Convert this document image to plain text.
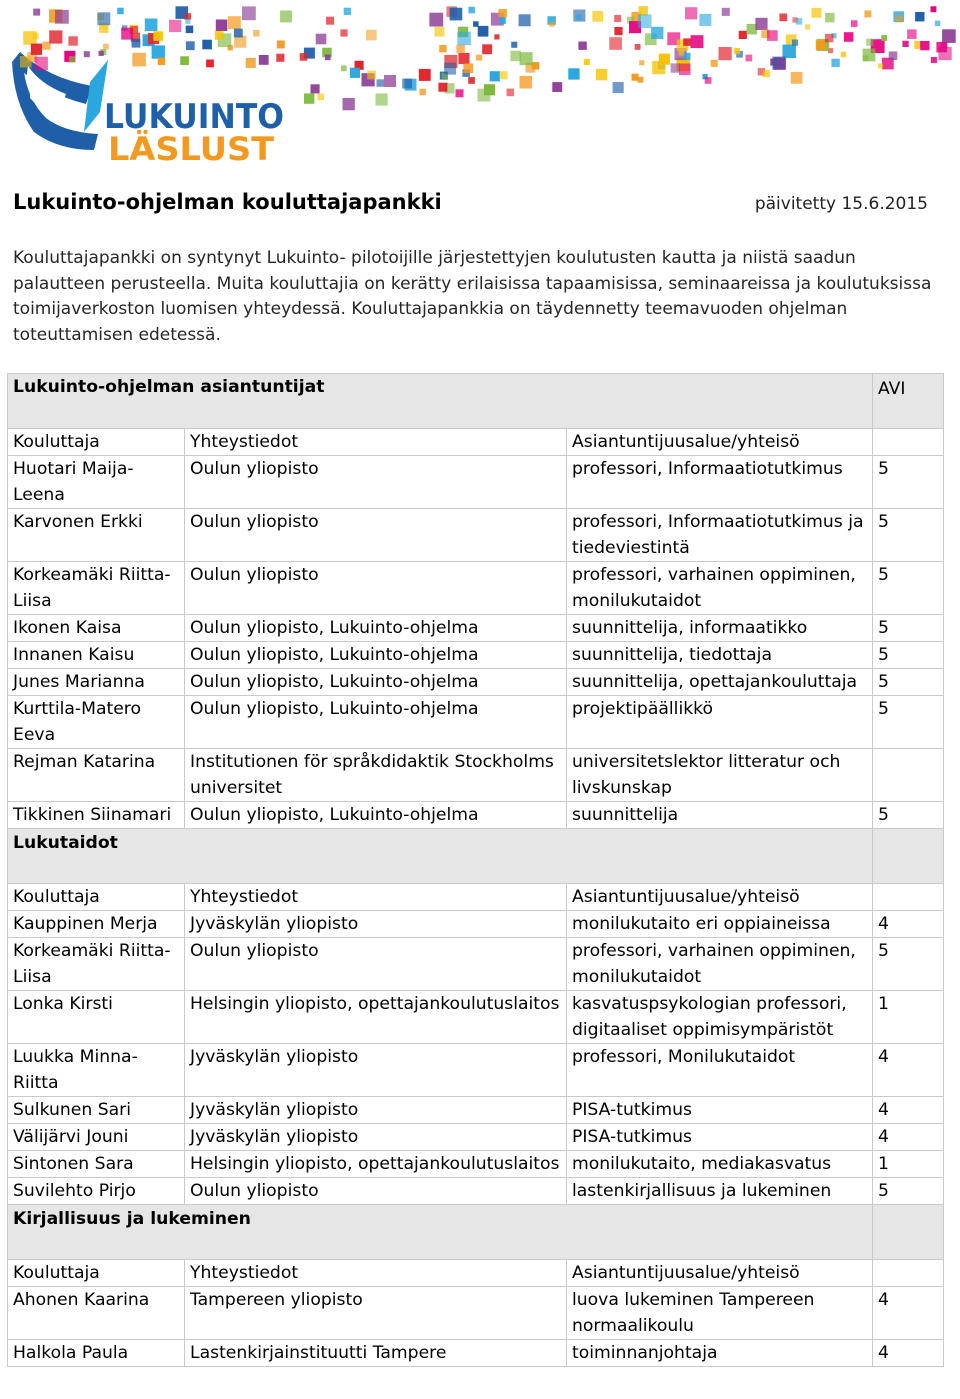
LUKUINTO
LÄSLUST
Lukuinto-ohjelman kouluttajapankki	päivitetty 15.6.2015
Kouluttajapankki on syntynyt Lukuinto- pilotoijille järjestettyjen koulutusten kautta ja niistä saadun palautteen perusteella. Muita kouluttajia on kerätty erilaisissa tapaamisissa, seminaareissa ja koulutuksissa toimijaverkoston luomisen yhteydessä. Kouluttajapankkia on täydennetty teemavuoden ohjelman toteuttamisen edetessä.
Lukuinto-ohjelman asiantuntijat			AVI
Kouluttaja	Yhteystiedot	Asiantuntijuusalue/yhteisö	
Huotari Maija-Leena	Oulun yliopisto	professori, Informaatiotutkimus	5
Karvonen Erkki	Oulun yliopisto	professori, Informaatiotutkimus ja tiedeviestintä	5
Korkeamäki Riitta-Liisa	Oulun yliopisto	professori, varhainen oppiminen, monilukutaidot	5
Ikonen Kaisa	Oulun yliopisto, Lukuinto-ohjelma	suunnittelija, informaatikko	5
Innanen Kaisu	Oulun yliopisto, Lukuinto-ohjelma	suunnittelija, tiedottaja	5
Junes Marianna	Oulun yliopisto, Lukuinto-ohjelma	suunnittelija, opettajankouluttaja	5
Kurttila-Matero Eeva	Oulun yliopisto, Lukuinto-ohjelma	projektipäällikkö	5
Rejman Katarina	Institutionen för språkdidaktik Stockholms universitet	universitetslektor litteratur och livskunskap	
Tikkinen Siinamari	Oulun yliopisto, Lukuinto-ohjelma	suunnittelija	5
Lukutaidot			
Kouluttaja	Yhteystiedot	Asiantuntijuusalue/yhteisö	
Kauppinen Merja	Jyväskylän yliopisto	monilukutaito eri oppiaineissa	4
Korkeamäki Riitta-Liisa	Oulun yliopisto	professori, varhainen oppiminen, monilukutaidot	5
Lonka Kirsti	Helsingin yliopisto, opettajankoulutuslaitos	kasvatuspsykologian professori, digitaaliset oppimisympäristöt	1
Luukka Minna-Riitta	Jyväskylän yliopisto	professori, Monilukutaidot	4
Sulkunen Sari	Jyväskylän yliopisto	PISA-tutkimus	4
Välijärvi Jouni	Jyväskylän yliopisto	PISA-tutkimus	4
Sintonen Sara	Helsingin yliopisto, opettajankoulutuslaitos	monilukutaito, mediakasvatus	1
Suvilehto Pirjo	Oulun yliopisto	lastenkirjallisuus ja lukeminen	5
Kirjallisuus ja lukeminen			
Kouluttaja	Yhteystiedot	Asiantuntijuusalue/yhteisö	
Ahonen Kaarina	Tampereen yliopisto	luova lukeminen Tampereen normaalikoulu	4
Halkola Paula	Lastenkirjainstituutti Tampere	toiminnanjohtaja	4
